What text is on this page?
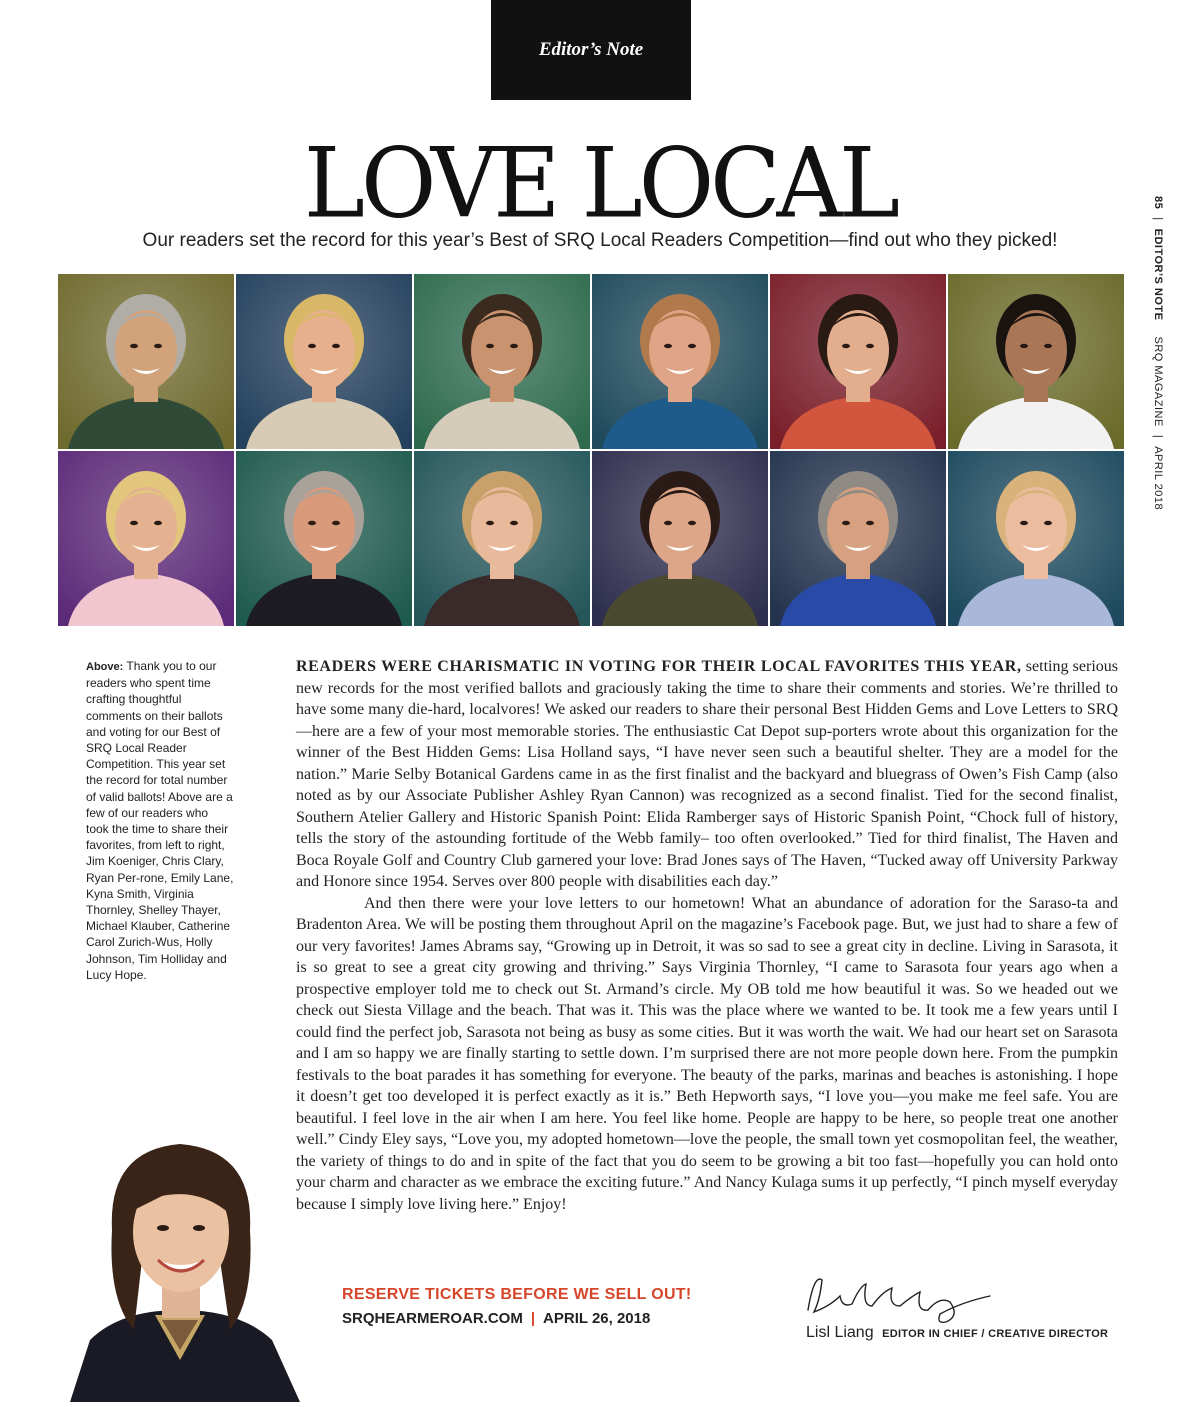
Editor’s Note
LOVE LOCAL
Our readers set the record for this year’s Best of SRQ Local Readers Competition—find out who they picked!
85|EDITOR’S NOTESRQ MAGAZINE|APRIL 2018
Above: Thank you to our readers who spent time crafting thoughtful comments on their ballots and voting for our Best of SRQ Local Reader Competition. This year set the record for total number of valid ballots! Above are a few of our readers who took the time to share their favorites, from left to right, Jim Koeniger, Chris Clary, Ryan Per-rone, Emily Lane, Kyna Smith, Virginia Thornley, Shelley Thayer, Michael Klauber, Catherine Carol Zurich-Wus, Holly Johnson, Tim Holliday and Lucy Hope.

READERS WERE CHARISMATIC IN VOTING FOR THEIR LOCAL FAVORITES THIS YEAR, setting serious new records for the most verified ballots and graciously taking the time to share their comments and stories. We’re thrilled to have some many die-hard, localvores! We asked our readers to share their personal Best Hidden Gems and Love Letters to SRQ—here are a few of your most memorable stories. The enthusiastic Cat Depot sup-porters wrote about this organization for the winner of the Best Hidden Gems: Lisa Holland says, “I have never seen such a beautiful shelter. They are a model for the nation.” Marie Selby Botanical Gardens came in as the first finalist and the backyard and bluegrass of Owen’s Fish Camp (also noted as by our Associate Publisher Ashley Ryan Cannon) was recognized as a second finalist. Tied for the second finalist, Southern Atelier Gallery and Historic Spanish Point: Elida Ramberger says of Historic Spanish Point, “Chock full of history, tells the story of the astounding fortitude of the Webb family– too often overlooked.” Tied for third finalist, The Haven and Boca Royale Golf and Country Club garnered your love: Brad Jones says of The Haven, “Tucked away off University Parkway and Honore since 1954. Serves over 800 people with disabilities each day.”

And then there were your love letters to our hometown! What an abundance of adoration for the Saraso-ta and Bradenton Area. We will be posting them throughout April on the magazine’s Facebook page. But, we just had to share a few of our very favorites! James Abrams say, “Growing up in Detroit, it was so sad to see a great city in decline. Living in Sarasota, it is so great to see a great city growing and thriving.” Says Virginia Thornley, “I came to Sarasota four years ago when a prospective employer told me to check out St. Armand’s circle. My OB told me how beautiful it was. So we headed out we check out Siesta Village and the beach. That was it. This was the place where we wanted to be. It took me a few years until I could find the perfect job, Sarasota not being as busy as some cities. But it was worth the wait. We had our heart set on Sarasota and I am so happy we are finally starting to settle down. I’m surprised there are not more people down here. From the pumpkin festivals to the boat parades it has something for everyone. The beauty of the parks, marinas and beaches is astonishing. I hope it doesn’t get too developed it is perfect exactly as it is.” Beth Hepworth says, “I love you—you make me feel safe. You are beautiful. I feel love in the air when I am here. You feel like home. People are happy to be here, so people treat one another well.” Cindy Eley says, “Love you, my adopted hometown—love the people, the small town yet cosmopolitan feel, the weather, the variety of things to do and in spite of the fact that you do seem to be growing a bit too fast—hopefully you can hold onto your charm and character as we embrace the exciting future.” And Nancy Kulaga sums it up perfectly, “I pinch myself everyday because I simply love living here.” Enjoy!

RESERVE TICKETS BEFORE WE SELL OUT!
SRQHEARMEROAR.COM | APRIL 26, 2018
Lisl Liang EDITOR IN CHIEF / CREATIVE DIRECTOR
